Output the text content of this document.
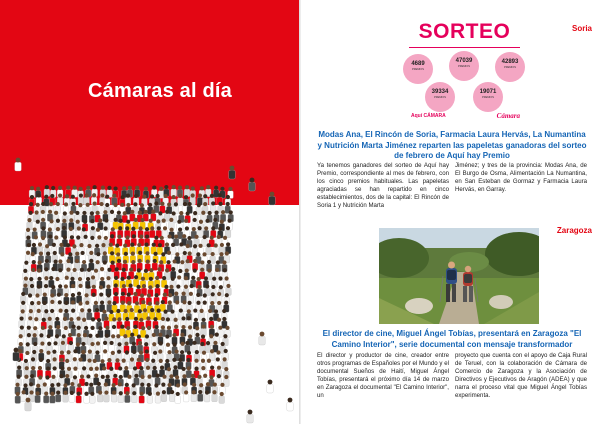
Cámaras al día
Soria
SORTEO
4689
PREMIOS
47039
PREMIOS
42893
PREMIOS
39334
PREMIOS
19071
PREMIOS
Aquí CÁMARA	Cámara
Modas Ana, El Rincón de Soria, Farmacia Laura Hervás, La Numantina y Nutrición Marta Jiménez reparten las papeletas ganadoras del sorteo de febrero de Aquí hay Premio
Ya tenemos ganadores del sorteo de Aquí hay Premio, correspondiente al mes de febrero, con los cinco premios habituales. Las papeletas agraciadas se han repartido en cinco establecimientos, dos de la capital: El Rincón de Soria 1 y Nutrición Marta
Jiménez; y tres de la provincia: Modas Ana, de El Burgo de Osma, Alimentación La Numantina, en San Esteban de Gormaz y Farmacia Laura Hervás, en Garray.
Zaragoza
El director de cine, Miguel Ángel Tobías, presentará en Zaragoza "El Camino Interior", serie documental con mensaje transformador
El director y productor de cine, creador entre otros programas de Españoles por el Mundo y el documental Sueños de Haití, Miguel Ángel Tobías, presentará el próximo día 14 de marzo en Zaragoza el documental "El Camino Interior", un
proyecto que cuenta con el apoyo de Caja Rural de Teruel, con la colaboración de Cámara de Comercio de Zaragoza y la Asociación de Directivos y Ejecutivos de Aragón (ADEA) y que narra el proceso vital que Miguel Ángel Tobías experimenta.
